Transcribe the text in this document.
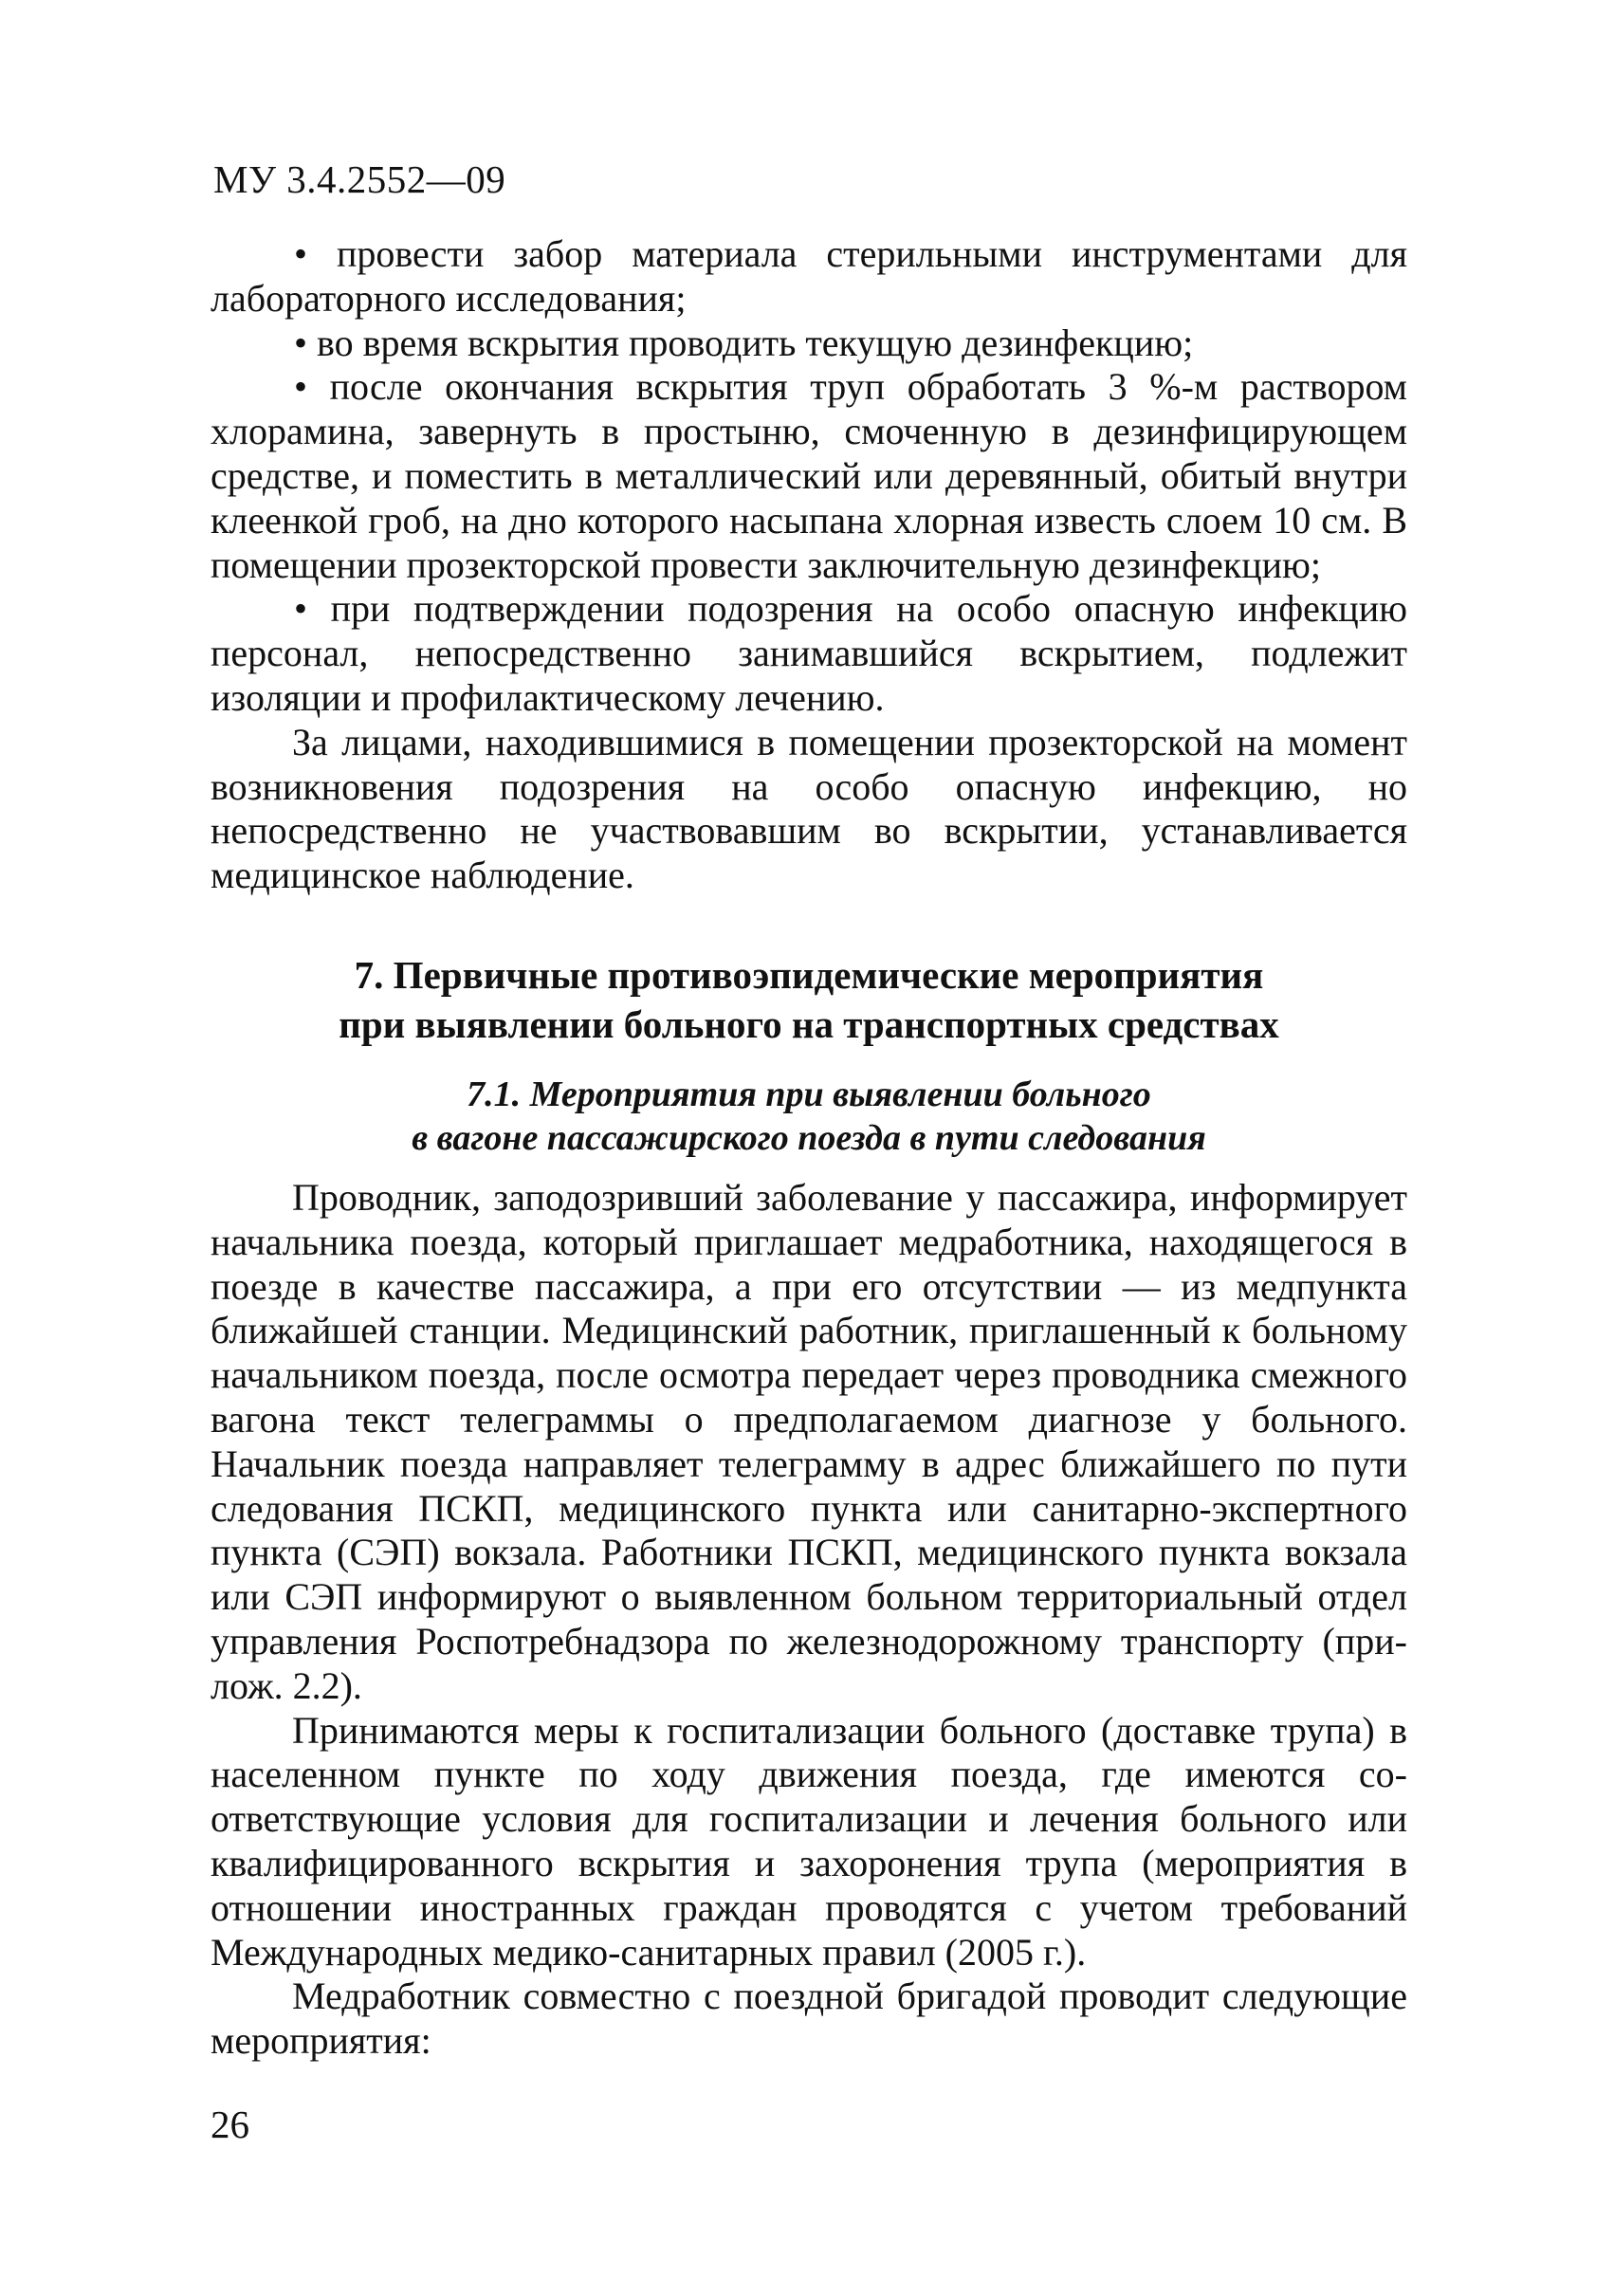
МУ 3.4.2552—09

• провести забор материала стерильными инструментами для лабораторного исследования;

• во время вскрытия проводить текущую дезинфекцию;

• после окончания вскрытия труп обработать 3 %-м раствором хлорамина, завернуть в простыню, смоченную в дезинфицирующем средстве, и поместить в металлический или деревянный, обитый внутри клеенкой гроб, на дно которого насыпана хлорная известь слоем 10 см. В помещении прозекторской провести заключительную дезинфекцию;

• при подтверждении подозрения на особо опасную инфекцию персонал, непосредственно занимавшийся вскрытием, подлежит изоляции и профилактическому лечению.

За лицами, находившимися в помещении прозекторской на момент возникновения подозрения на особо опасную инфекцию, но непосредственно не участвовавшим во вскрытии, устанавливается медицинское наблюдение.

7. Первичные противоэпидемические мероприятия
при выявлении больного на транспортных средствах
7.1. Мероприятия при выявлении больного
в вагоне пассажирского поезда в пути следования

Проводник, заподозривший заболевание у пассажира, информирует начальника поезда, который приглашает медработника, находящегося в поезде в качестве пассажира, а при его отсутствии — из медпункта ближайшей станции. Медицинский работник, приглашенный к больному начальником поезда, после осмотра передает через проводника смежного вагона текст телеграммы о предполагаемом диагнозе у больного. Начальник поезда направляет телеграмму в адрес ближайшего по пути следования ПСКП, медицинского пункта или санитарно-экспертного пункта (СЭП) вокзала. Работники ПСКП, медицинского пункта вокзала или СЭП информируют о выявленном больном территориальный отдел управления Роспотребнадзора по железнодорожному транспорту (прилож. 2.2).

Принимаются меры к госпитализации больного (доставке трупа) в населенном пункте по ходу движения поезда, где имеются соответствующие условия для госпитализации и лечения больного или квалифицированного вскрытия и захоронения трупа (мероприятия в отношении иностранных граждан проводятся с учетом требований Международных медико-санитарных правил (2005 г.).

Медработник совместно с поездной бригадой проводит следующие мероприятия:

26
